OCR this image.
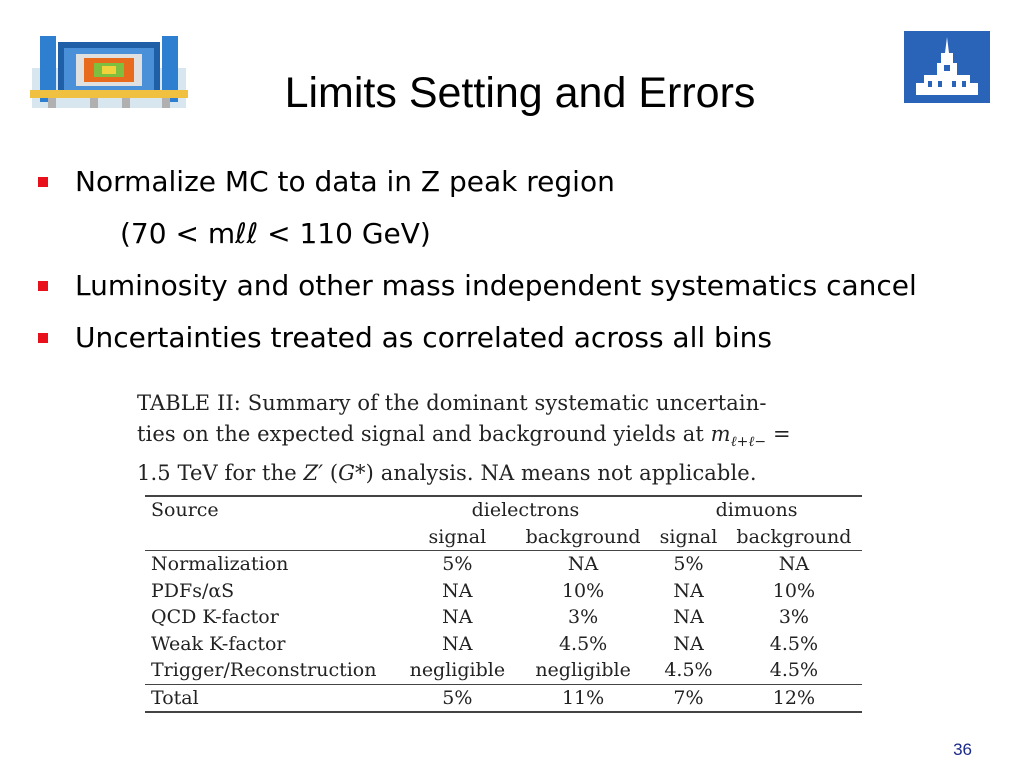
Limits Setting and Errors
Normalize MC to data in Z peak region
(70 < mℓℓ < 110 GeV)
Luminosity and other mass independent systematics cancel
Uncertainties treated as correlated across all bins
TABLE II: Summary of the dominant systematic uncertain-
ties on the expected signal and background yields at $m_{\ell+\ell-}$ =
1.5 TeV for the Z′ (G*) analysis. NA means not applicable.
Source	dielectrons		dimuons	
	signal	background	signal	background
Normalization	5%	NA	5%	NA
PDFs/αS	NA	10%	NA	10%
QCD K-factor	NA	3%	NA	3%
Weak K-factor	NA	4.5%	NA	4.5%
Trigger/Reconstruction	negligible	negligible	4.5%	4.5%
Total	5%	11%	7%	12%
36
